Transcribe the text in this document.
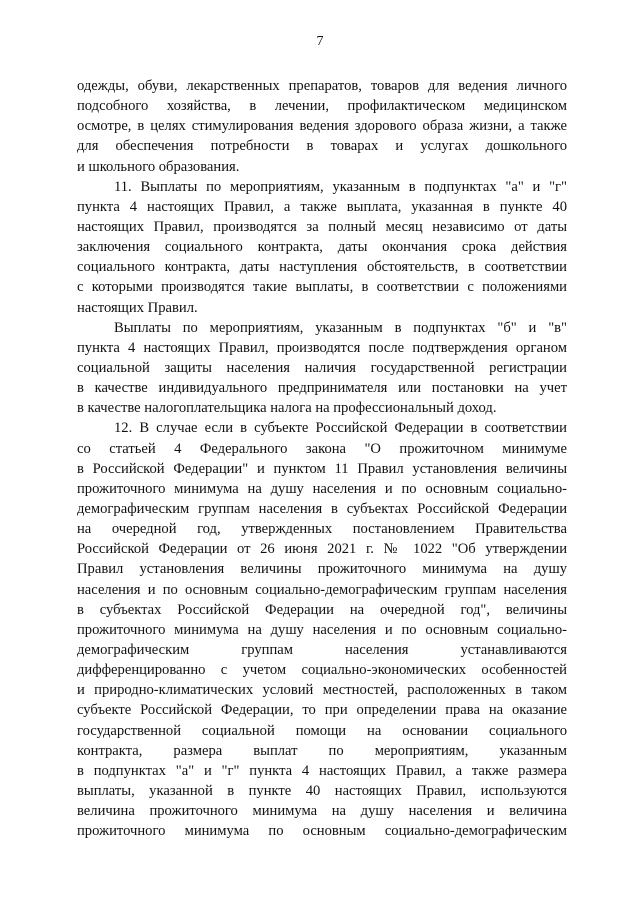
7
одежды, обуви, лекарственных препаратов, товаров для ведения личного
подсобного хозяйства, в лечении, профилактическом медицинском
осмотре, в целях стимулирования ведения здорового образа жизни, а также
для обеспечения потребности в товарах и услугах дошкольного
и школьного образования.
11. Выплаты по мероприятиям, указанным в подпунктах "а" и "г"
пункта 4 настоящих Правил, а также выплата, указанная в пункте 40
настоящих Правил, производятся за полный месяц независимо от даты
заключения социального контракта, даты окончания срока действия
социального контракта, даты наступления обстоятельств, в соответствии
с которыми производятся такие выплаты, в соответствии с положениями
настоящих Правил.
Выплаты по мероприятиям, указанным в подпунктах "б" и "в"
пункта 4 настоящих Правил, производятся после подтверждения органом
социальной защиты населения наличия государственной регистрации
в качестве индивидуального предпринимателя или постановки на учет
в качестве налогоплательщика налога на профессиональный доход.
12. В случае если в субъекте Российской Федерации в соответствии
со статьей 4 Федерального закона "О прожиточном минимуме
в Российской Федерации" и пунктом 11 Правил установления величины
прожиточного минимума на душу населения и по основным социально-
демографическим группам населения в субъектах Российской Федерации
на очередной год, утвержденных постановлением Правительства
Российской Федерации от 26 июня 2021 г. № 1022 "Об утверждении
Правил установления величины прожиточного минимума на душу
населения и по основным социально-демографическим группам населения
в субъектах Российской Федерации на очередной год", величины
прожиточного минимума на душу населения и по основным социально-
демографическим группам населения устанавливаются
дифференцированно с учетом социально-экономических особенностей
и природно-климатических условий местностей, расположенных в таком
субъекте Российской Федерации, то при определении права на оказание
государственной социальной помощи на основании социального
контракта, размера выплат по мероприятиям, указанным
в подпунктах "а" и "г" пункта 4 настоящих Правил, а также размера
выплаты, указанной в пункте 40 настоящих Правил, используются
величина прожиточного минимума на душу населения и величина
прожиточного минимума по основным социально-демографическим
